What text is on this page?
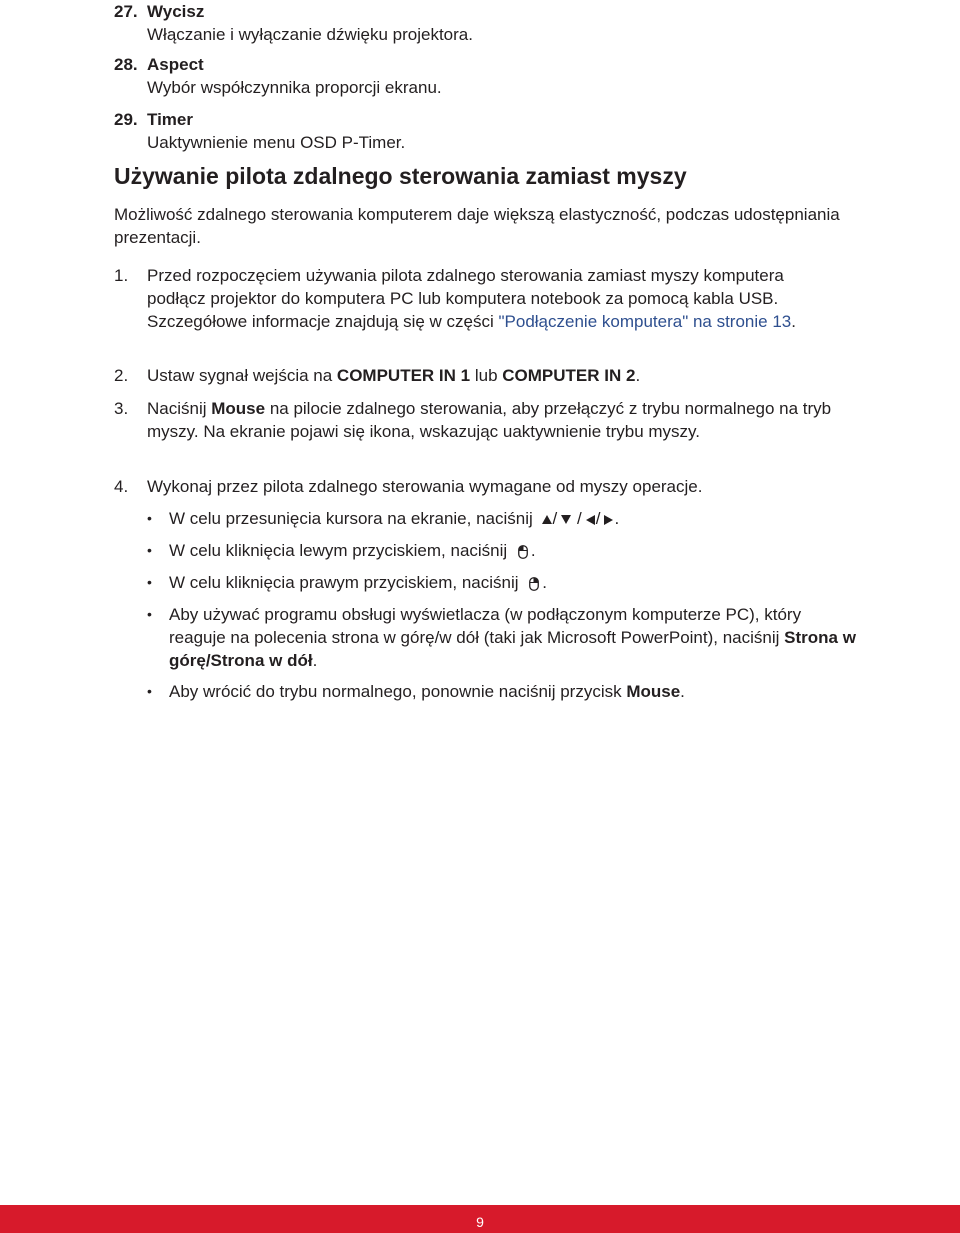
27. Wycisz
Włączanie i wyłączanie dźwięku projektora.
28. Aspect
Wybór współczynnika proporcji ekranu.
29. Timer
Uaktywnienie menu OSD P-Timer.
Używanie pilota zdalnego sterowania zamiast myszy
Możliwość zdalnego sterowania komputerem daje większą elastyczność, podczas udostępniania prezentacji.
1. Przed rozpoczęciem używania pilota zdalnego sterowania zamiast myszy komputera podłącz projektor do komputera PC lub komputera notebook za pomocą kabla USB. Szczegółowe informacje znajdują się w części "Podłączenie komputera" na stronie 13.
2. Ustaw sygnał wejścia na COMPUTER IN 1 lub COMPUTER IN 2.
3. Naciśnij Mouse na pilocie zdalnego sterowania, aby przełączyć z trybu normalnego na tryb myszy. Na ekranie pojawi się ikona, wskazując uaktywnienie trybu myszy.
4. Wykonaj przez pilota zdalnego sterowania wymagane od myszy operacje.
• W celu przesunięcia kursora na ekranie, naciśnij / / / .
• W celu kliknięcia lewym przyciskiem, naciśnij .
• W celu kliknięcia prawym przyciskiem, naciśnij .
• Aby używać programu obsługi wyświetlacza (w podłączonym komputerze PC), który reaguje na polecenia strona w górę/w dół (taki jak Microsoft PowerPoint), naciśnij Strona w górę/Strona w dół.
• Aby wrócić do trybu normalnego, ponownie naciśnij przycisk Mouse.
9
